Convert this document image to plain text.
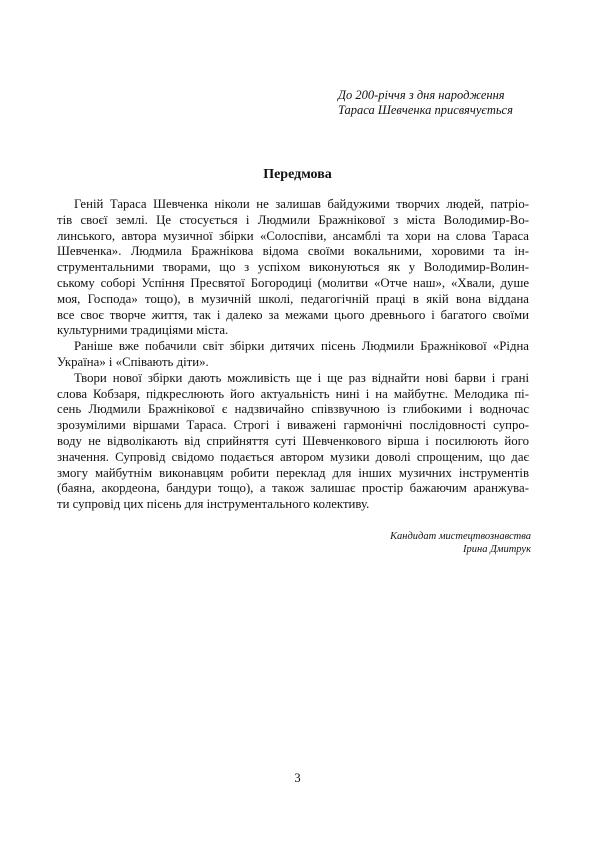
До 200-річчя з дня народження
Тараса Шевченка присвячується
Передмова
Геній Тараса Шевченка ніколи не залишав байдужими творчих людей, патріо-
тів своєї землі. Це стосується і Людмили Бражнікової з міста Володимир-Во-
линського, автора музичної збірки «Солоспіви, ансамблі та хори на слова Тараса
Шевченка». Людмила Бражнікова відома своїми вокальними, хоровими та ін-
струментальними творами, що з успіхом виконуються як у Володимир-Волин-
ському соборі Успіння Пресвятої Богородиці (молитви «Отче наш», «Хвали, душе
моя, Господа» тощо), в музичній школі, педагогічній праці в якій вона віддана
все своє творче життя, так і далеко за межами цього древнього і багатого своїми
культурними традиціями міста.
Раніше вже побачили світ збірки дитячих пісень Людмили Бражнікової «Рідна
Україна» і «Співають діти».
Твори нової збірки дають можливість ще і ще раз віднайти нові барви і грані
слова Кобзаря, підкреслюють його актуальність нині і на майбутнє. Мелодика пі-
сень Людмили Бражнікової є надзвичайно співзвучною із глибокими і водночас
зрозумілими віршами Тараса. Строгі і виважені гармонічні послідовності супро-
воду не відволікають від сприйняття суті Шевченкового вірша і посилюють його
значення. Супровід свідомо подається автором музики доволі спрощеним, що дає
змогу майбутнім виконавцям робити переклад для інших музичних інструментів
(баяна, акордеона, бандури тощо), а також залишає простір бажаючим аранжува-
ти супровід цих пісень для інструментального колективу.
Кандидат мистецтвознавства
Ірина Дмитрук
3
